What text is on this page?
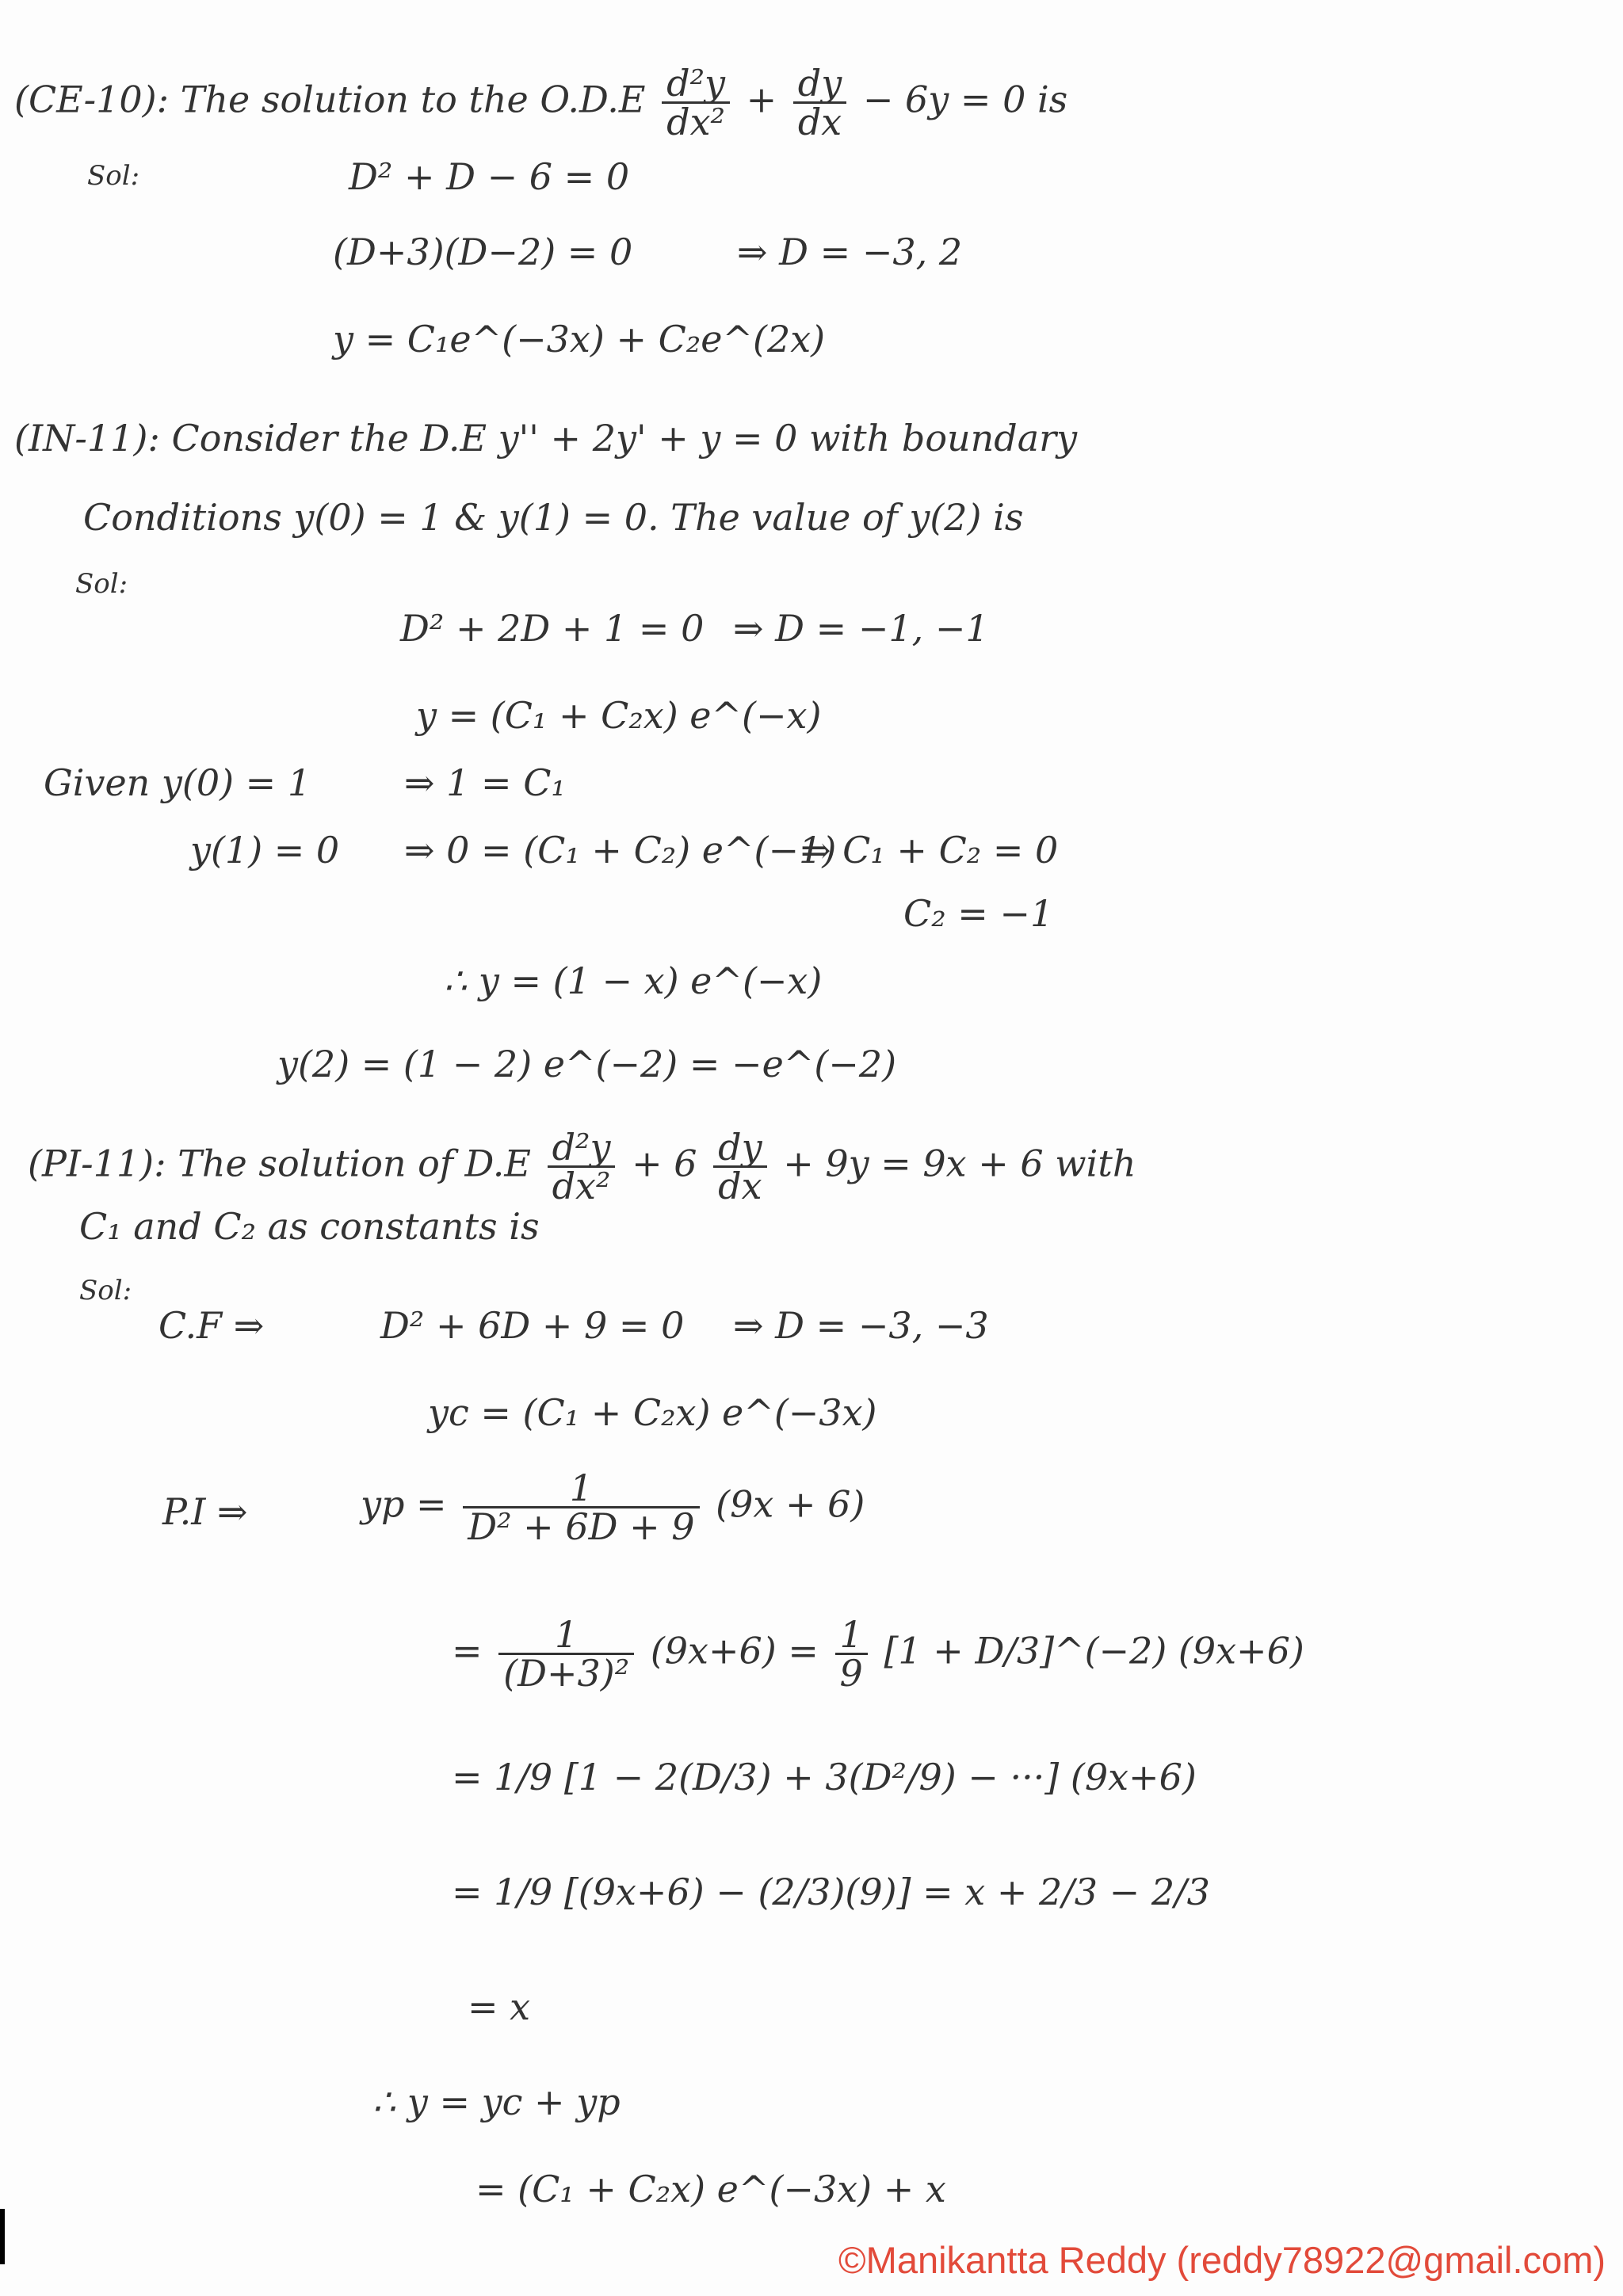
(CE-10): The solution to the $O.D.E \frac{\text{d²y}}{\text{dx²}} + \frac{dy}{dx} - 6y = 0$ is
Sol:	D² + D − 6 = 0
(D+3)(D−2) = 0	⇒ D = −3, 2
y = C₁e^(−3x) + C₂e^(2x)
(IN-11): Consider the D.E y'' + 2y' + y = 0 with boundary
Conditions y(0) = 1 & y(1) = 0. The value of y(2) is
Sol:
D² + 2D + 1 = 0 ⇒ D = −1, −1
y = (C₁ + C₂x) e^(−x)
Given y(0) = 1	⇒ 1 = C₁
y(1) = 0 ⇒ 0 = (C₁ + C₂) e^(−1)
⇒ C₁ + C₂ = 0
C₂ = −1
∴ y = (1 − x) e^(−x)
y(2) = (1 − 2) e^(−2) = −e^(−2)
(PI-11): The solution of $D.E \frac{\text{d²y}}{\text{dx²}} + 6 \frac{dy}{dx} + 9y = 9x + 6$ with
C₁ and C₂ as constants is
Sol:
C.F ⇒	D² + 6D + 9 = 0 ⇒ D = −3, −3
yc = (C₁ + C₂x) e^(−3x)
P.I ⇒	yp = $\frac{1}{\text{D² + 6D + 9}} (9x + 6)$
= $\frac{1}{\text{(D+3)²}} (9x+6) = \frac{1}{9} [1$ + D/3]^(−2) (9x+6)
= 1/9 [1 − 2(D/3) + 3(D²/9) − ···] (9x+6)
= 1/9 [(9x+6) − (2/3)(9)] = x + 2/3 − 2/3
= x
∴ y = yc + yp
= (C₁ + C₂x) e^(−3x) + x
©Manikantta Reddy (reddy78922@gmail.com)
